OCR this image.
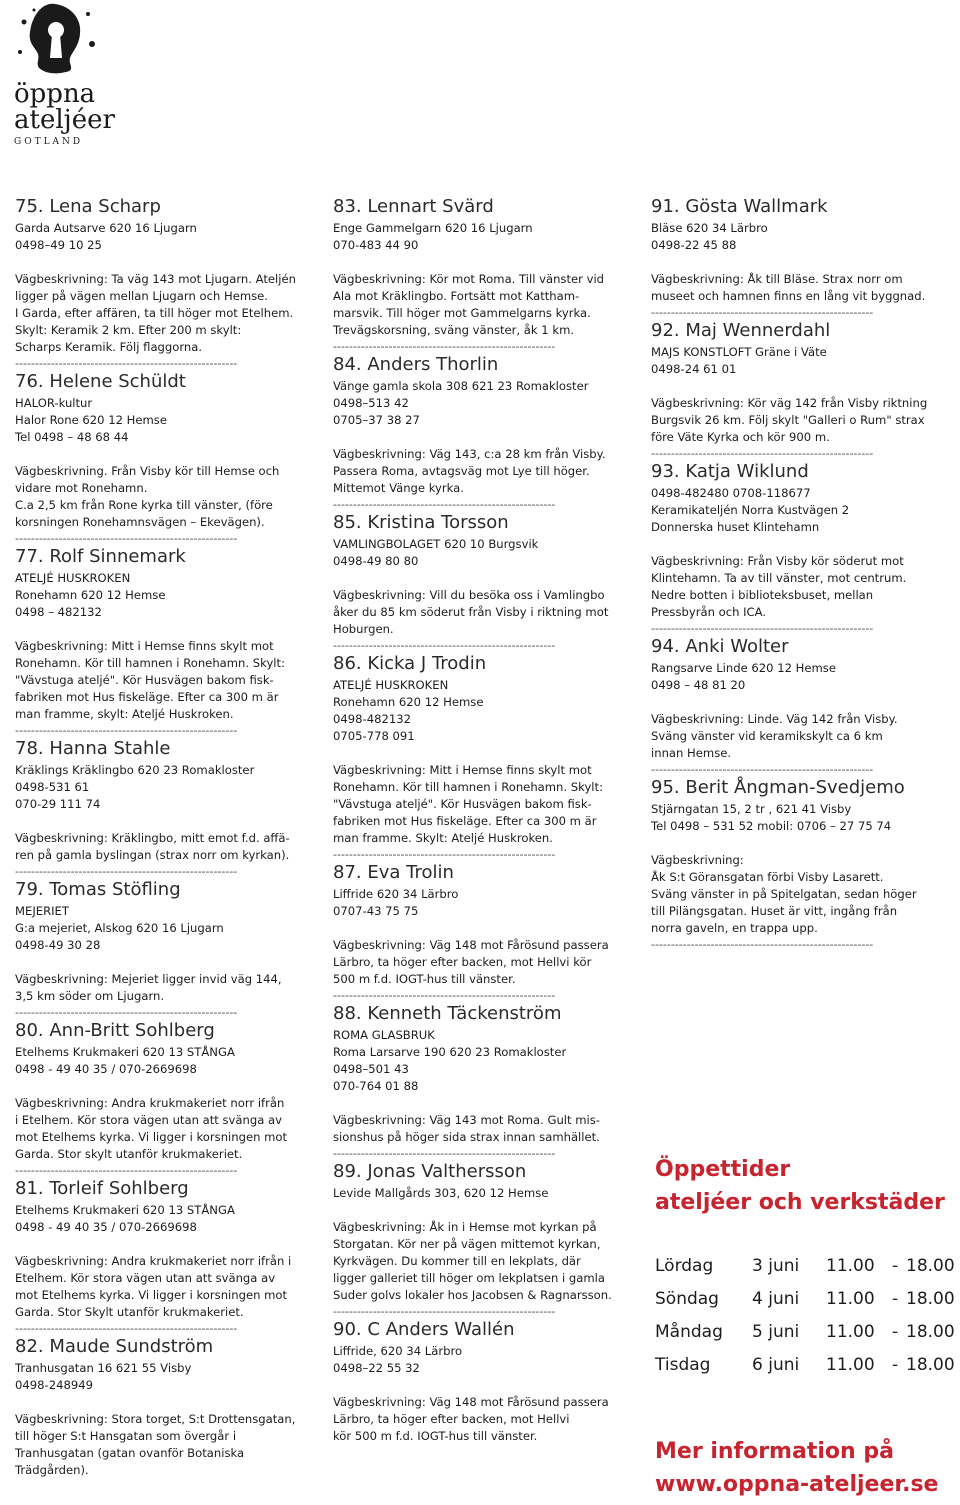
öppna
ateljéer
GOTLAND
75. Lena Scharp
Garda Autsarve 620 16 Ljugarn
0498–49 10 25
Vägbeskrivning: Ta väg 143 mot Ljugarn. Ateljén
ligger på vägen mellan Ljugarn och Hemse.
I Garda, efter affären, ta till höger mot Etelhem.
Skylt: Keramik 2 km. Efter 200 m skylt:
Scharps Keramik. Följ flaggorna.
--------------------------------------------------------
76. Helene Schüldt
HALOR-kultur
Halor Rone 620 12 Hemse
Tel 0498 – 48 68 44
Vägbeskrivning. Från Visby kör till Hemse och
vidare mot Ronehamn.
C.a 2,5 km från Rone kyrka till vänster, (före
korsningen Ronehamnsvägen – Ekevägen).
--------------------------------------------------------
77. Rolf Sinnemark
ATELJÉ HUSKROKEN
Ronehamn 620 12 Hemse
0498 – 482132
Vägbeskrivning: Mitt i Hemse finns skylt mot
Ronehamn. Kör till hamnen i Ronehamn. Skylt:
"Vävstuga ateljé". Kör Husvägen bakom fisk-
fabriken mot Hus fiskeläge. Efter ca 300 m är
man framme, skylt: Ateljé Huskroken.
--------------------------------------------------------
78. Hanna Stahle
Kräklings Kräklingbo 620 23 Romakloster
0498-531 61
070-29 111 74
Vägbeskrivning: Kräklingbo, mitt emot f.d. affä-
ren på gamla byslingan (strax norr om kyrkan).
--------------------------------------------------------
79. Tomas Stöfling
MEJERIET
G:a mejeriet, Alskog 620 16 Ljugarn
0498-49 30 28
Vägbeskrivning: Mejeriet ligger invid väg 144,
3,5 km söder om Ljugarn.
--------------------------------------------------------
80. Ann-Britt Sohlberg
Etelhems Krukmakeri 620 13 STÅNGA
0498 - 49 40 35 / 070-2669698
Vägbeskrivning: Andra krukmakeriet norr ifrån
i Etelhem. Kör stora vägen utan att svänga av
mot Etelhems kyrka. Vi ligger i korsningen mot
Garda. Stor skylt utanför krukmakeriet.
--------------------------------------------------------
81. Torleif Sohlberg
Etelhems Krukmakeri 620 13 STÅNGA
0498 - 49 40 35 / 070-2669698
Vägbeskrivning: Andra krukmakeriet norr ifrån i
Etelhem. Kör stora vägen utan att svänga av
mot Etelhems kyrka. Vi ligger i korsningen mot
Garda. Stor Skylt utanför krukmakeriet.
--------------------------------------------------------
82. Maude Sundström
Tranhusgatan 16 621 55 Visby
0498-248949
Vägbeskrivning: Stora torget, S:t Drottensgatan,
till höger S:t Hansgatan som övergår i
Tranhusgatan (gatan ovanför Botaniska
Trädgården).
83. Lennart Svärd
Enge Gammelgarn 620 16 Ljugarn
070-483 44 90
Vägbeskrivning: Kör mot Roma. Till vänster vid
Ala mot Kräklingbo. Fortsätt mot Kattham-
marsvik. Till höger mot Gammelgarns kyrka.
Trevägskorsning, sväng vänster, åk 1 km.
--------------------------------------------------------
84. Anders Thorlin
Vänge gamla skola 308 621 23 Romakloster
0498–513 42
0705–37 38 27
Vägbeskrivning: Väg 143, c:a 28 km från Visby.
Passera Roma, avtagsväg mot Lye till höger.
Mittemot Vänge kyrka.
--------------------------------------------------------
85. Kristina Torsson
VAMLINGBOLAGET 620 10 Burgsvik
0498-49 80 80
Vägbeskrivning: Vill du besöka oss i Vamlingbo
åker du 85 km söderut från Visby i riktning mot
Hoburgen.
--------------------------------------------------------
86. Kicka J Trodin
ATELJÉ HUSKROKEN
Ronehamn 620 12 Hemse
0498-482132
0705-778 091
Vägbeskrivning: Mitt i Hemse finns skylt mot
Ronehamn. Kör till hamnen i Ronehamn. Skylt:
"Vävstuga ateljé". Kör Husvägen bakom fisk-
fabriken mot Hus fiskeläge. Efter ca 300 m är
man framme. Skylt: Ateljé Huskroken.
--------------------------------------------------------
87. Eva Trolin
Liffride 620 34 Lärbro
0707-43 75 75
Vägbeskrivning: Väg 148 mot Fårösund passera
Lärbro, ta höger efter backen, mot Hellvi kör
500 m f.d. IOGT-hus till vänster.
--------------------------------------------------------
88. Kenneth Täckenström
ROMA GLASBRUK
Roma Larsarve 190 620 23 Romakloster
0498–501 43
070-764 01 88
Vägbeskrivning: Väg 143 mot Roma. Gult mis-
sionshus på höger sida strax innan samhället.
--------------------------------------------------------
89. Jonas Valthersson
Levide Mallgårds 303, 620 12 Hemse
Vägbeskrivning: Åk in i Hemse mot kyrkan på
Storgatan. Kör ner på vägen mittemot kyrkan,
Kyrkvägen. Du kommer till en lekplats, där
ligger galleriet till höger om lekplatsen i gamla
Suder golvs lokaler hos Jacobsen & Ragnarsson.
--------------------------------------------------------
90. C Anders Wallén
Liffride, 620 34 Lärbro
0498–22 55 32
Vägbeskrivning: Väg 148 mot Fårösund passera
Lärbro, ta höger efter backen, mot Hellvi
kör 500 m f.d. IOGT-hus till vänster.
91. Gösta Wallmark
Bläse 620 34 Lärbro
0498-22 45 88
Vägbeskrivning: Åk till Bläse. Strax norr om
museet och hamnen finns en lång vit byggnad.
--------------------------------------------------------
92. Maj Wennerdahl
MAJS KONSTLOFT Gräne i Väte
0498-24 61 01
Vägbeskrivning: Kör väg 142 från Visby riktning
Burgsvik 26 km. Följ skylt "Galleri o Rum" strax
före Väte Kyrka och kör 900 m.
--------------------------------------------------------
93. Katja Wiklund
0498-482480 0708-118677
Keramikateljén Norra Kustvägen 2
Donnerska huset Klintehamn
Vägbeskrivning: Från Visby kör söderut mot
Klintehamn. Ta av till vänster, mot centrum.
Nedre botten i biblioteksbuset, mellan
Pressbyrån och ICA.
--------------------------------------------------------
94. Anki Wolter
Rangsarve Linde 620 12 Hemse
0498 – 48 81 20
Vägbeskrivning: Linde. Väg 142 från Visby.
Sväng vänster vid keramikskylt ca 6 km
innan Hemse.
--------------------------------------------------------
95. Berit Ångman-Svedjemo
Stjärngatan 15, 2 tr , 621 41 Visby
Tel 0498 – 531 52 mobil: 0706 – 27 75 74
Vägbeskrivning:
Åk S:t Göransgatan förbi Visby Lasarett.
Sväng vänster in på Spitelgatan, sedan höger
till Pilängsgatan. Huset är vitt, ingång från
norra gaveln, en trappa upp.
--------------------------------------------------------
Öppettider
ateljéer och verkstäder
Lördag	3 juni	11.00	- 18.00
Söndag	4 juni	11.00	- 18.00
Måndag	5 juni	11.00	- 18.00
Tisdag	6 juni	11.00	- 18.00
Mer information på
www.oppna-ateljeer.se
